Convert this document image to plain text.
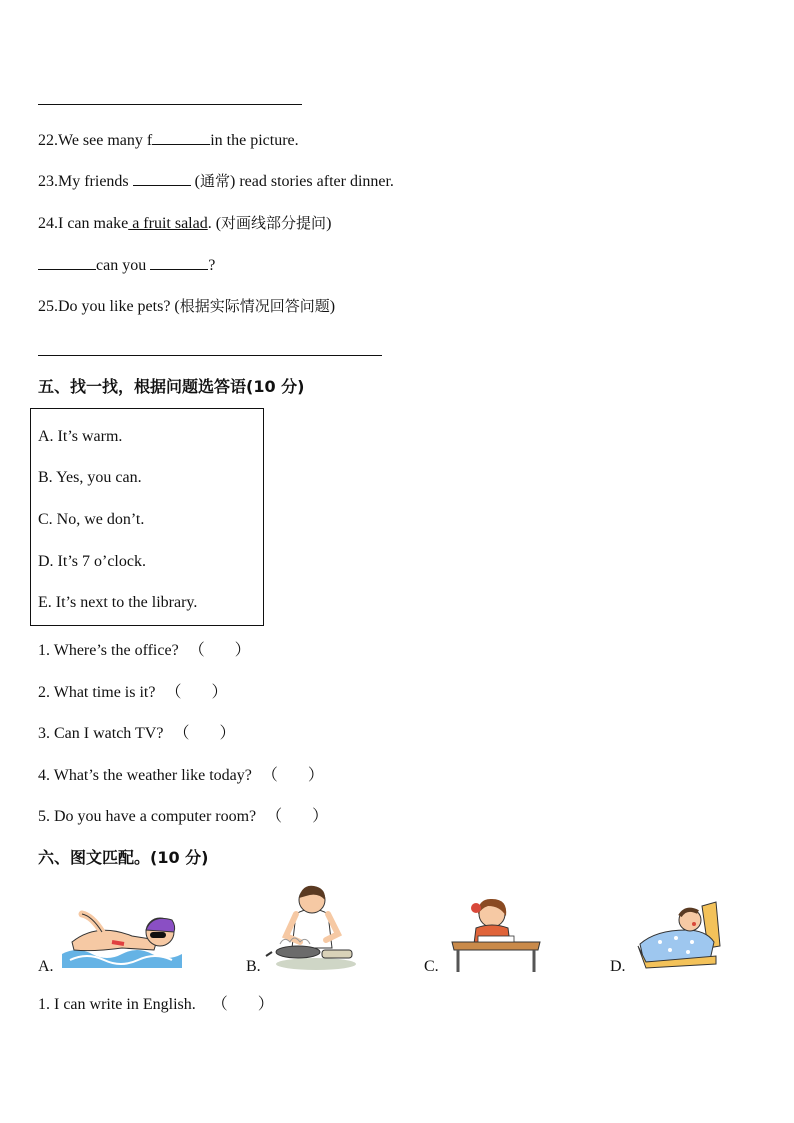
22.We see many f	in the picture.
23.My friends	(通常) read stories after dinner.
24.I can make a fruit salad. (对画线部分提问)
can you	?
25.Do you like pets? (根据实际情况回答问题)
五、找一找，根据问题选答语(10 分)
A. It’s warm.
B. Yes, you can.
C. No, we don’t.
D. It’s 7 o’clock.
E. It’s next to the library.
1. Where’s the office? （ ）

2. What time is it? （ ）

3. Can I watch TV? （ ）

4. What’s the weather like today? （ ）

5. Do you have a computer room? （ ）

六、图文匹配。(10 分)
A.	B.	C.	D.
1. I can write in English. （ ）
